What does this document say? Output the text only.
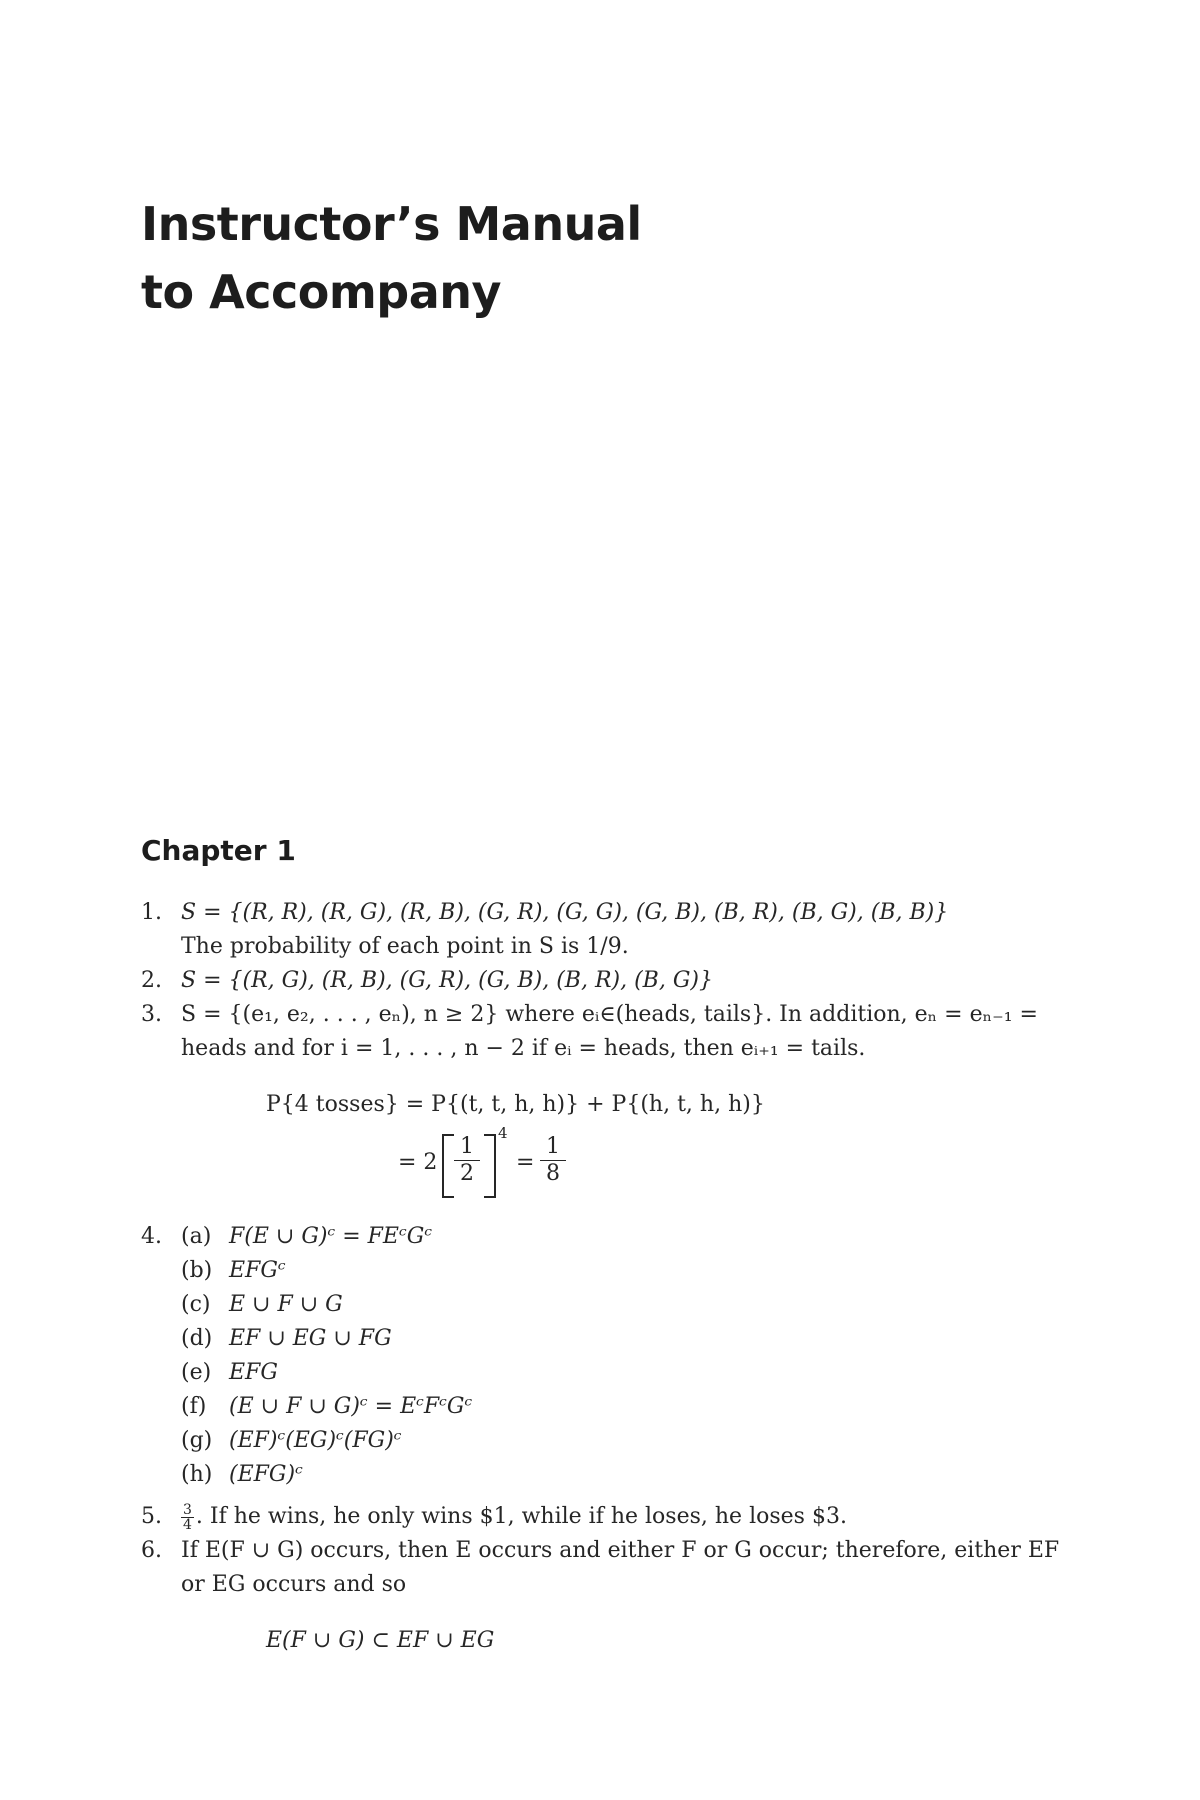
Instructor’s Manual
to Accompany
Chapter 1
1. S = {(R, R), (R, G), (R, B), (G, R), (G, G), (G, B), (B, R), (B, G), (B, B)}
The probability of each point in S is 1/9.
2. S = {(R, G), (R, B), (G, R), (G, B), (B, R), (B, G)}
3. S = {(e₁, e₂, . . . , eₙ), n ≥ 2} where eᵢ∈(heads, tails}. In addition, eₙ = eₙ₋₁ =
heads and for i = 1, . . . , n − 2 if eᵢ = heads, then eᵢ₊₁ = tails.
P{4 tosses} = P{(t, t, h, h)} + P{(h, t, h, h)}
= $2 \frac{1}{2}$
4
= $\frac{1}{8}$
4. (a) F(E ∪ G)ᶜ = FEᶜGᶜ
(b) EFGᶜ
(c) E ∪ F ∪ G
(d) EF ∪ EG ∪ FG
(e) EFG
(f)	(E ∪ F ∪ G)ᶜ = EᶜFᶜGᶜ
(g) (EF)ᶜ(EG)ᶜ(FG)ᶜ
(h) (EFG)ᶜ
5. $\frac{3}{4}$ . If he wins, he only wins $1, while if he loses, he loses $3.
6. If E(F ∪ G) occurs, then E occurs and either F or G occur; therefore, either EF
or EG occurs and so
E(F ∪ G) ⊂ EF ∪ EG
